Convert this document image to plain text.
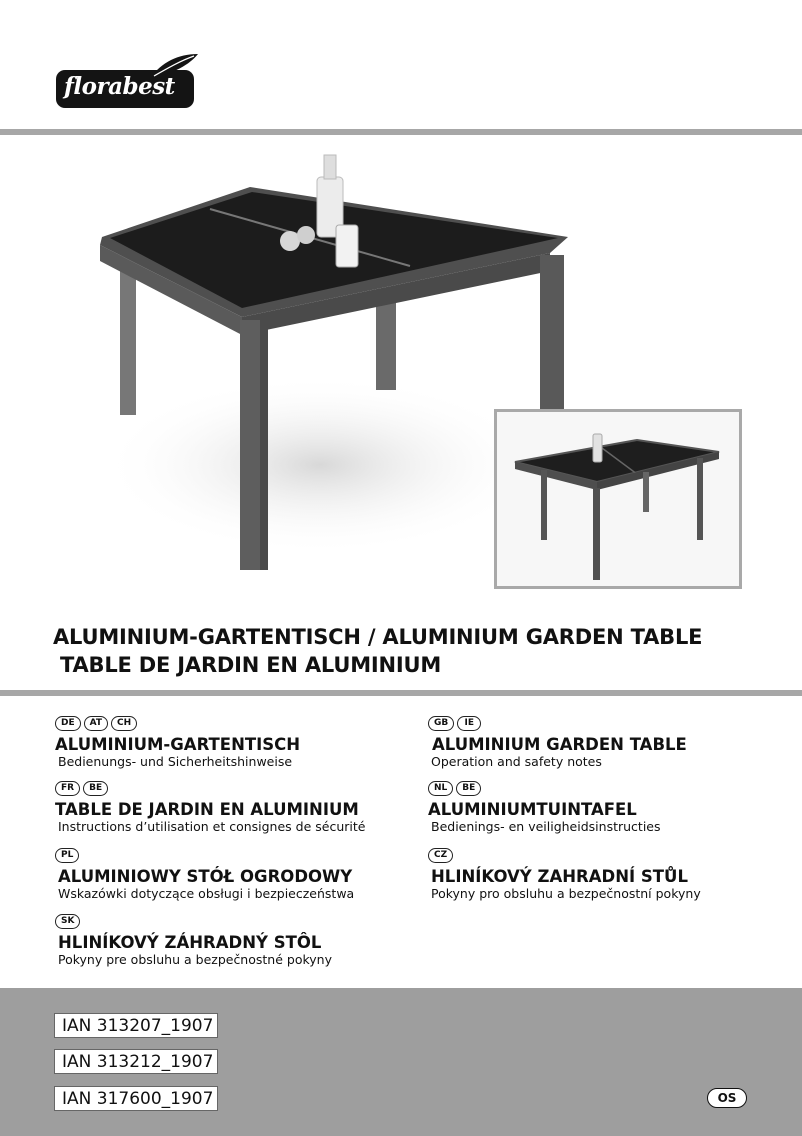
florabest
ALUMINIUM-GARTENTISCH / ALUMINIUM GARDEN TABLE
TABLE DE JARDIN EN ALUMINIUM
DE	AT	CH
ALUMINIUM-GARTENTISCH
Bedienungs- und Sicherheitshinweise
FR	BE
TABLE DE JARDIN EN ALUMINIUM
Instructions d’utilisation et consignes de sécurité
PL
ALUMINIOWY STÓŁ OGRODOWY
Wskazówki dotyczące obsługi i bezpieczeństwa
SK
HLINÍKOVÝ ZÁHRADNÝ STÔL
Pokyny pre obsluhu a bezpečnostné pokyny
GB	IE
ALUMINIUM GARDEN TABLE
Operation and safety notes
NL	BE
ALUMINIUMTUINTAFEL
Bedienings- en veiligheidsinstructies
CZ
HLINÍKOVÝ ZAHRADNÍ STŮL
Pokyny pro obsluhu a bezpečnostní pokyny
IAN 313207_1907
IAN 313212_1907
IAN 317600_1907	OS
